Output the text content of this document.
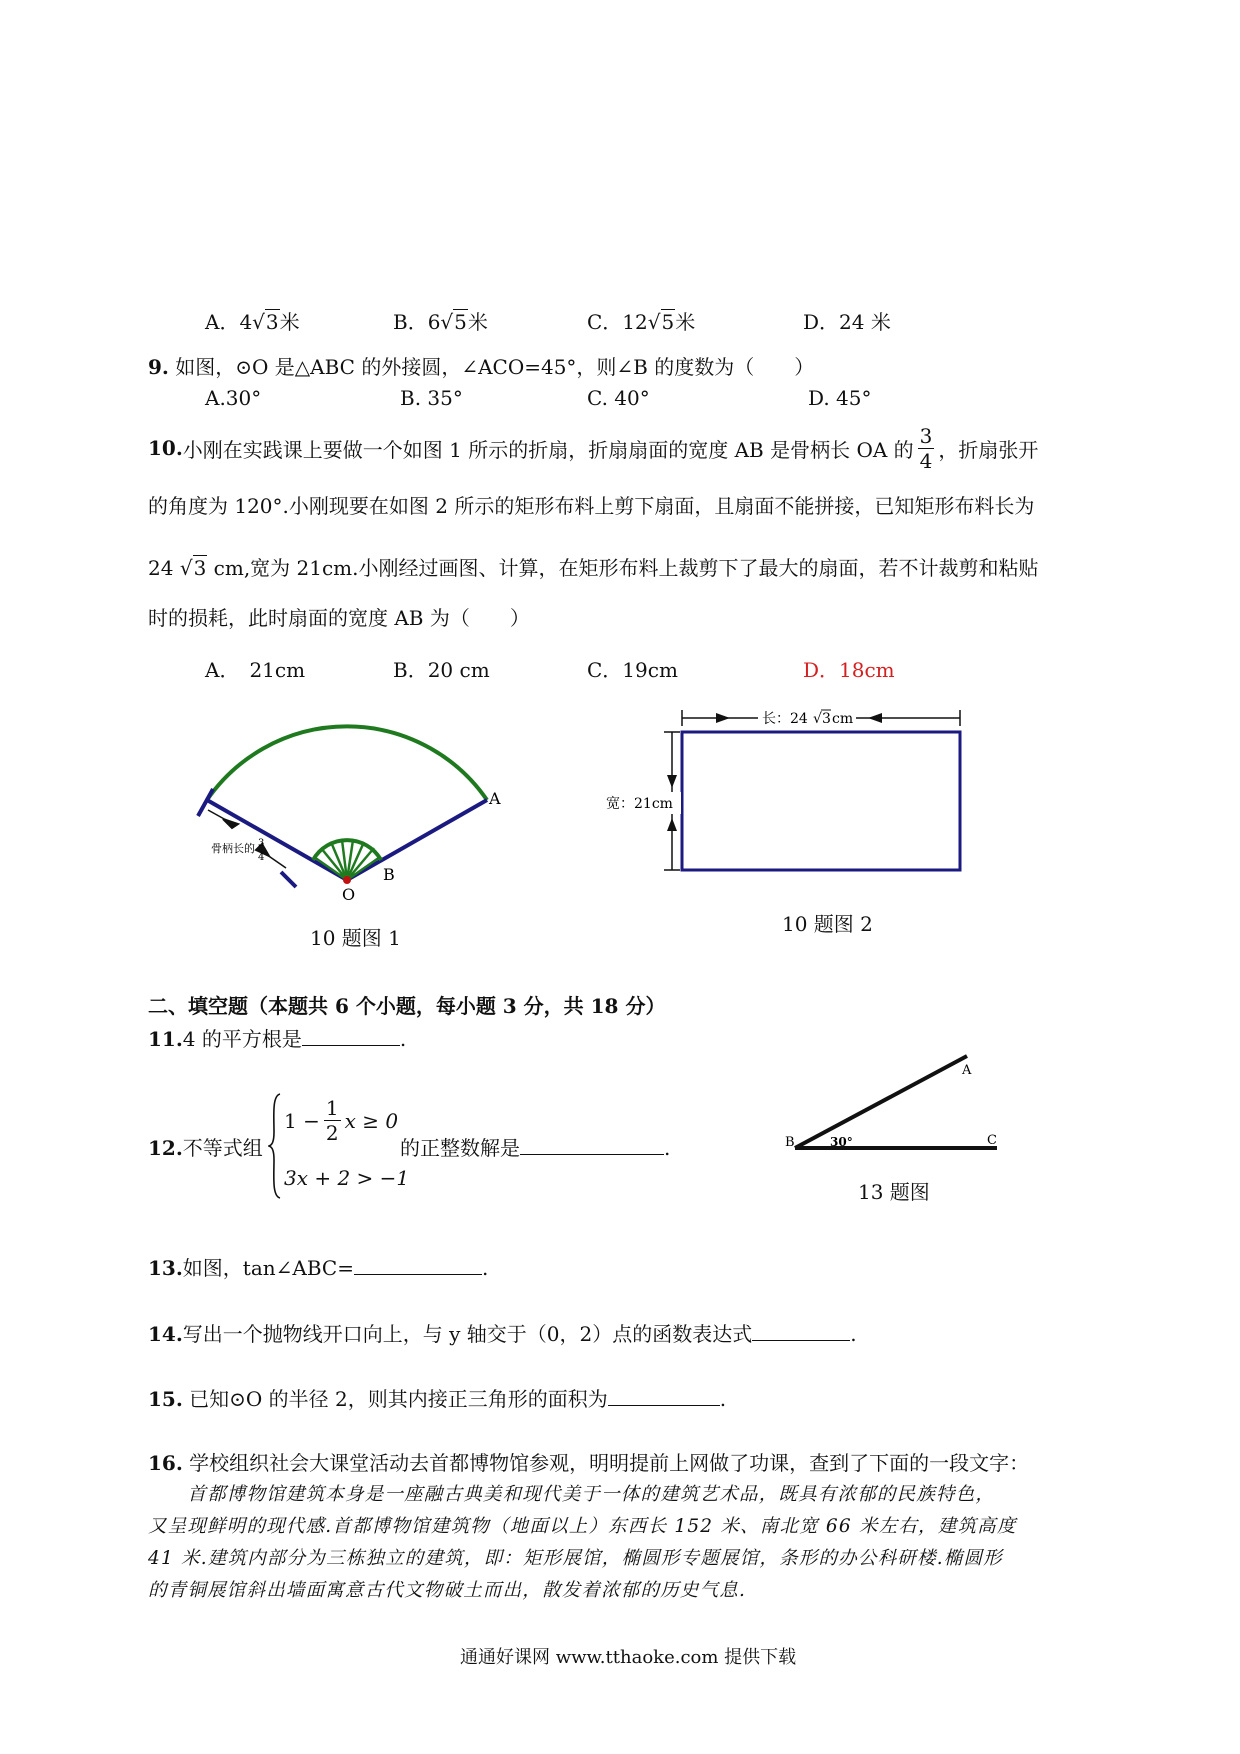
A．4√3米	B．6√5米	C．12√5米	D．24 米
9. 如图，⊙O 是△ABC 的外接圆，∠ACO=45°，则∠B 的度数为（　　）
A.30°	B. 35°	C. 40°	D. 45°
10. 小刚在实践课上要做一个如图 1 所示的折扇，折扇扇面的宽度 AB 是骨柄长 OA 的 $\frac{3}{4}$ ，折扇张开
的角度为 120°.小刚现要在如图 2 所示的矩形布料上剪下扇面，且扇面不能拼接，已知矩形布料长为
24 √3 cm,宽为 21cm.小刚经过画图、计算，在矩形布料上裁剪下了最大的扇面，若不计裁剪和粘贴
时的损耗，此时扇面的宽度 AB 为（　　）
A．　21cm	B．20 cm	C．19cm	D．18cm
骨柄长的 3
4
A
B
O
10 题图 1
长：24 √ 3 cm
宽：21cm
10 题图 2
二、填空题（本题共 6 个小题，每小题 3 分，共 18 分）
11.4 的平方根是	.
12.不等式组
$1 - \frac{1}{2}$ x ≥ 0
3x + 2 > −1
的正整数解是	.
A
B	C
30°
13 题图
13.如图，tan∠ABC=	.
14.写出一个抛物线开口向上，与 y 轴交于（0，2）点的函数表达式	.
15. 已知⊙O 的半径 2，则其内接正三角形的面积为	.
16. 学校组织社会大课堂活动去首都博物馆参观，明明提前上网做了功课，查到了下面的一段文字：
　　首都博物馆建筑本身是一座融古典美和现代美于一体的建筑艺术品，既具有浓郁的民族特色，
又呈现鲜明的现代感.首都博物馆建筑物（地面以上）东西长 152 米、南北宽 66 米左右，建筑高度
41 米.建筑内部分为三栋独立的建筑，即：矩形展馆，椭圆形专题展馆，条形的办公科研楼.椭圆形
的青铜展馆斜出墙面寓意古代文物破土而出，散发着浓郁的历史气息.
通通好课网 www.tthaoke.com 提供下载
